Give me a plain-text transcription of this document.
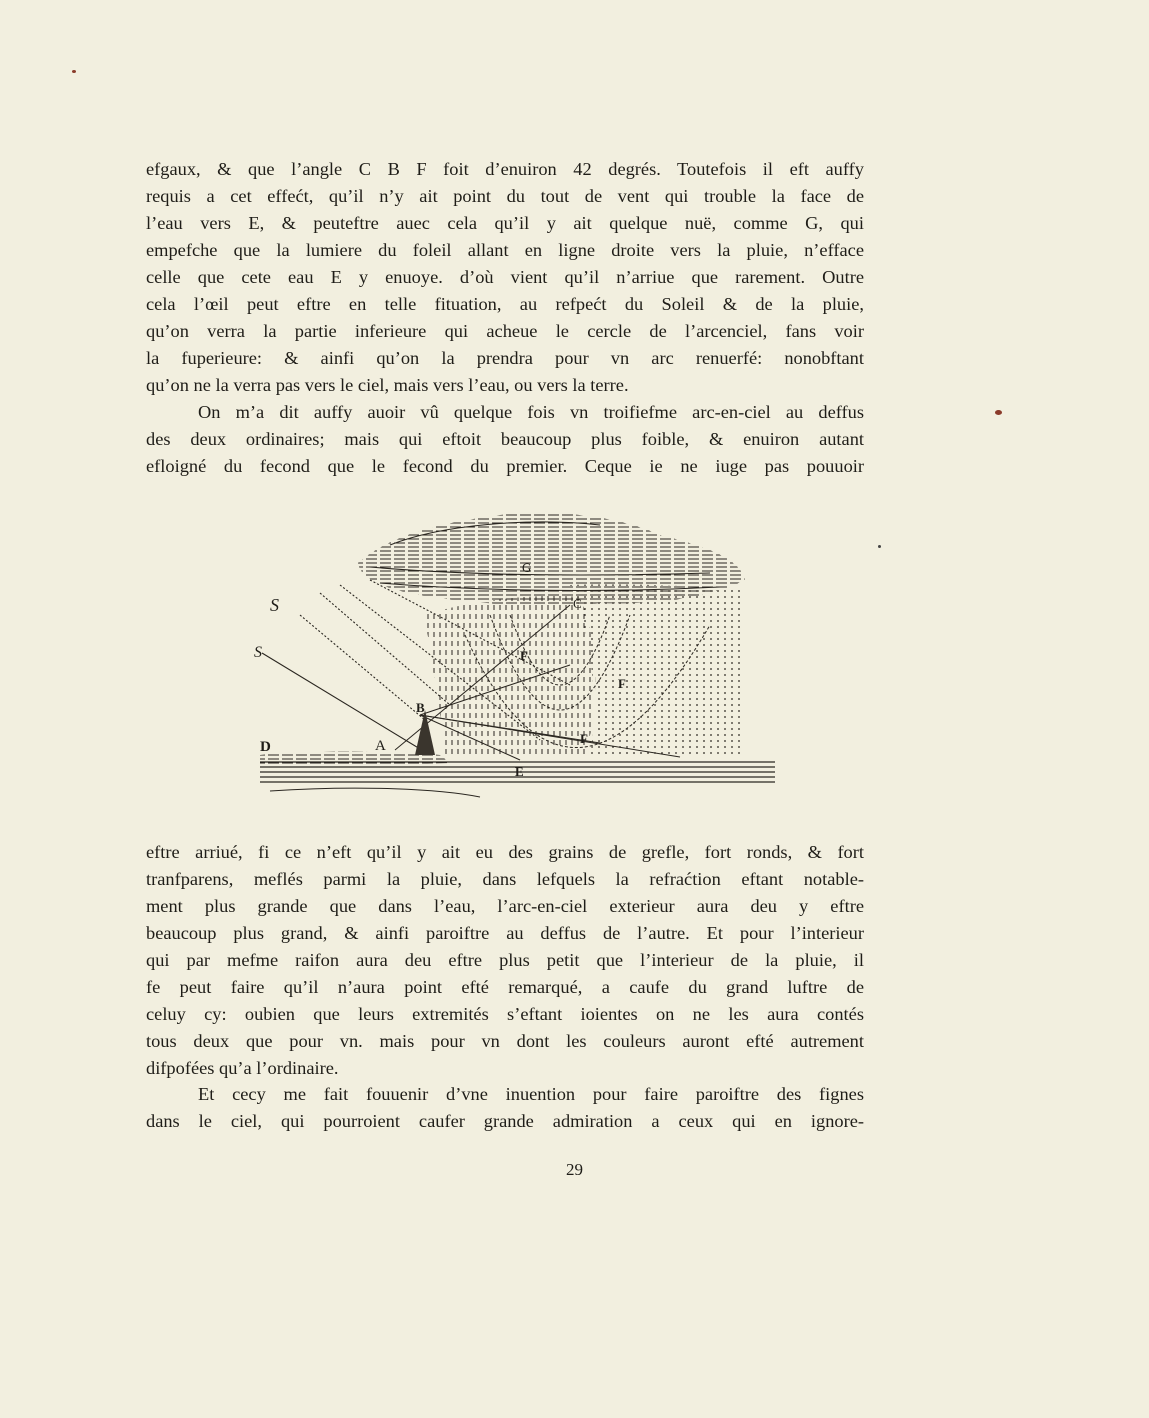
efgaux, & que l’angle C B F foit d’enuiron 42 degrés. Toutefois il eft auffy
requis a cet effećt, qu’il n’y ait point du tout de vent qui trouble la face de
l’eau vers E, & peuteftre auec cela qu’il y ait quelque nuë, comme G, qui
empefche que la lumiere du foleil allant en ligne droite vers la pluie, n’efface
celle que cete eau E y enuoye. d’où vient qu’il n’arriue que rarement. Outre
cela l’œil peut eftre en telle fituation, au refpećt du Soleil & de la pluie,
qu’on verra la partie inferieure qui acheue le cercle de l’arcenciel, fans voir
la fuperieure: & ainfi qu’on la prendra pour vn arc renuerfé: nonobftant
qu’on ne la verra pas vers le ciel, mais vers l’eau, ou vers la terre.

On m’a dit auffy auoir vû quelque fois vn troifiefme arc-en-ciel au deffus
des deux ordinaires; mais qui eftoit beaucoup plus foible, & enuiron autant
efloigné du fecond que le fecond du premier. Ceque ie ne iuge pas pouuoir

S
S
D	A
B
E
G
C
F
F
F

eftre arriué, fi ce n’eft qu’il y ait eu des grains de grefle, fort ronds, & fort
tranfparens, meflés parmi la pluie, dans lefquels la refraćtion eftant notable-
ment plus grande que dans l’eau, l’arc-en-ciel exterieur aura deu y eftre
beaucoup plus grand, & ainfi paroiftre au deffus de l’autre. Et pour l’interieur
qui par mefme raifon aura deu eftre plus petit que l’interieur de la pluie, il
fe peut faire qu’il n’aura point efté remarqué, a caufe du grand luftre de
celuy cy: oubien que leurs extremités s’eftant ioientes on ne les aura contés
tous deux que pour vn. mais pour vn dont les couleurs auront efté autrement
difpofées qu’a l’ordinaire.

Et cecy me fait fouuenir d’vne inuention pour faire paroiftre des fignes
dans le ciel, qui pourroient caufer grande admiration a ceux qui en ignore-

29
